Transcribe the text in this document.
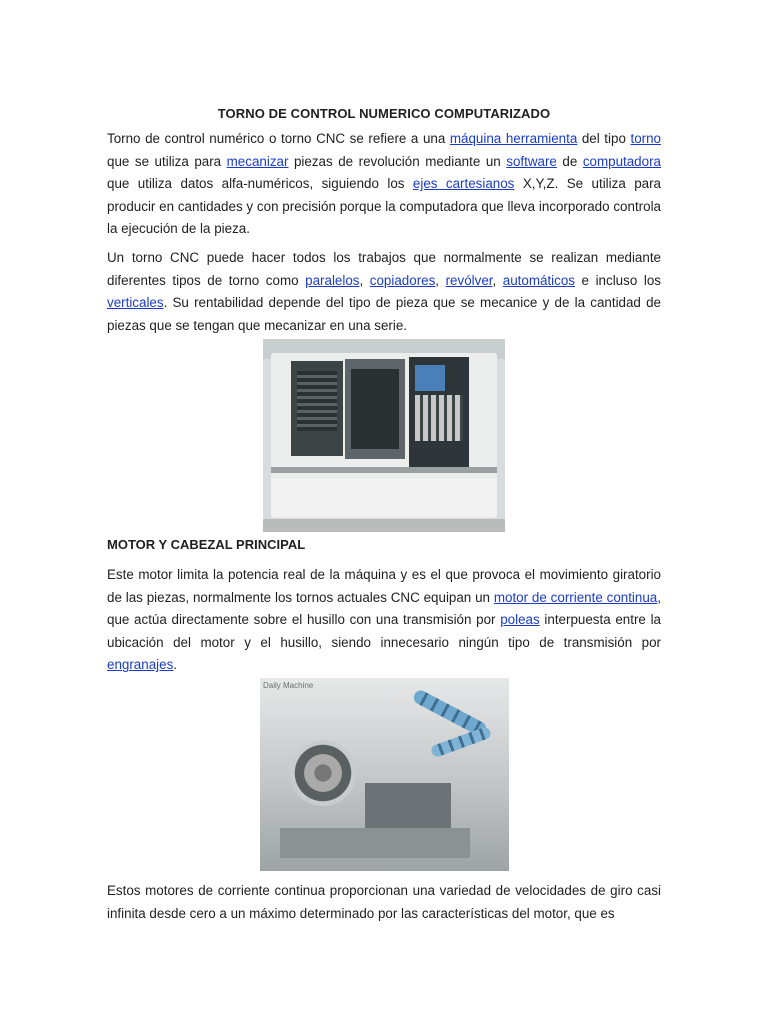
TORNO DE CONTROL NUMERICO COMPUTARIZADO

Torno de control numérico o torno CNC se refiere a una máquina herramienta del tipo torno que se utiliza para mecanizar piezas de revolución mediante un software de computadora que utiliza datos alfa-numéricos, siguiendo los ejes cartesianos X,Y,Z. Se utiliza para producir en cantidades y con precisión porque la computadora que lleva incorporado controla la ejecución de la pieza.

Un torno CNC puede hacer todos los trabajos que normalmente se realizan mediante diferentes tipos de torno como paralelos, copiadores, revólver, automáticos e incluso los verticales. Su rentabilidad depende del tipo de pieza que se mecanice y de la cantidad de piezas que se tengan que mecanizar en una serie.

MOTOR Y CABEZAL PRINCIPAL

Este motor limita la potencia real de la máquina y es el que provoca el movimiento giratorio de las piezas, normalmente los tornos actuales CNC equipan un motor de corriente continua, que actúa directamente sobre el husillo con una transmisión por poleas interpuesta entre la ubicación del motor y el husillo, siendo innecesario ningún tipo de transmisión por engranajes.

Daily Machine

Estos motores de corriente continua proporcionan una variedad de velocidades de giro casi infinita desde cero a un máximo determinado por las características del motor, que es
